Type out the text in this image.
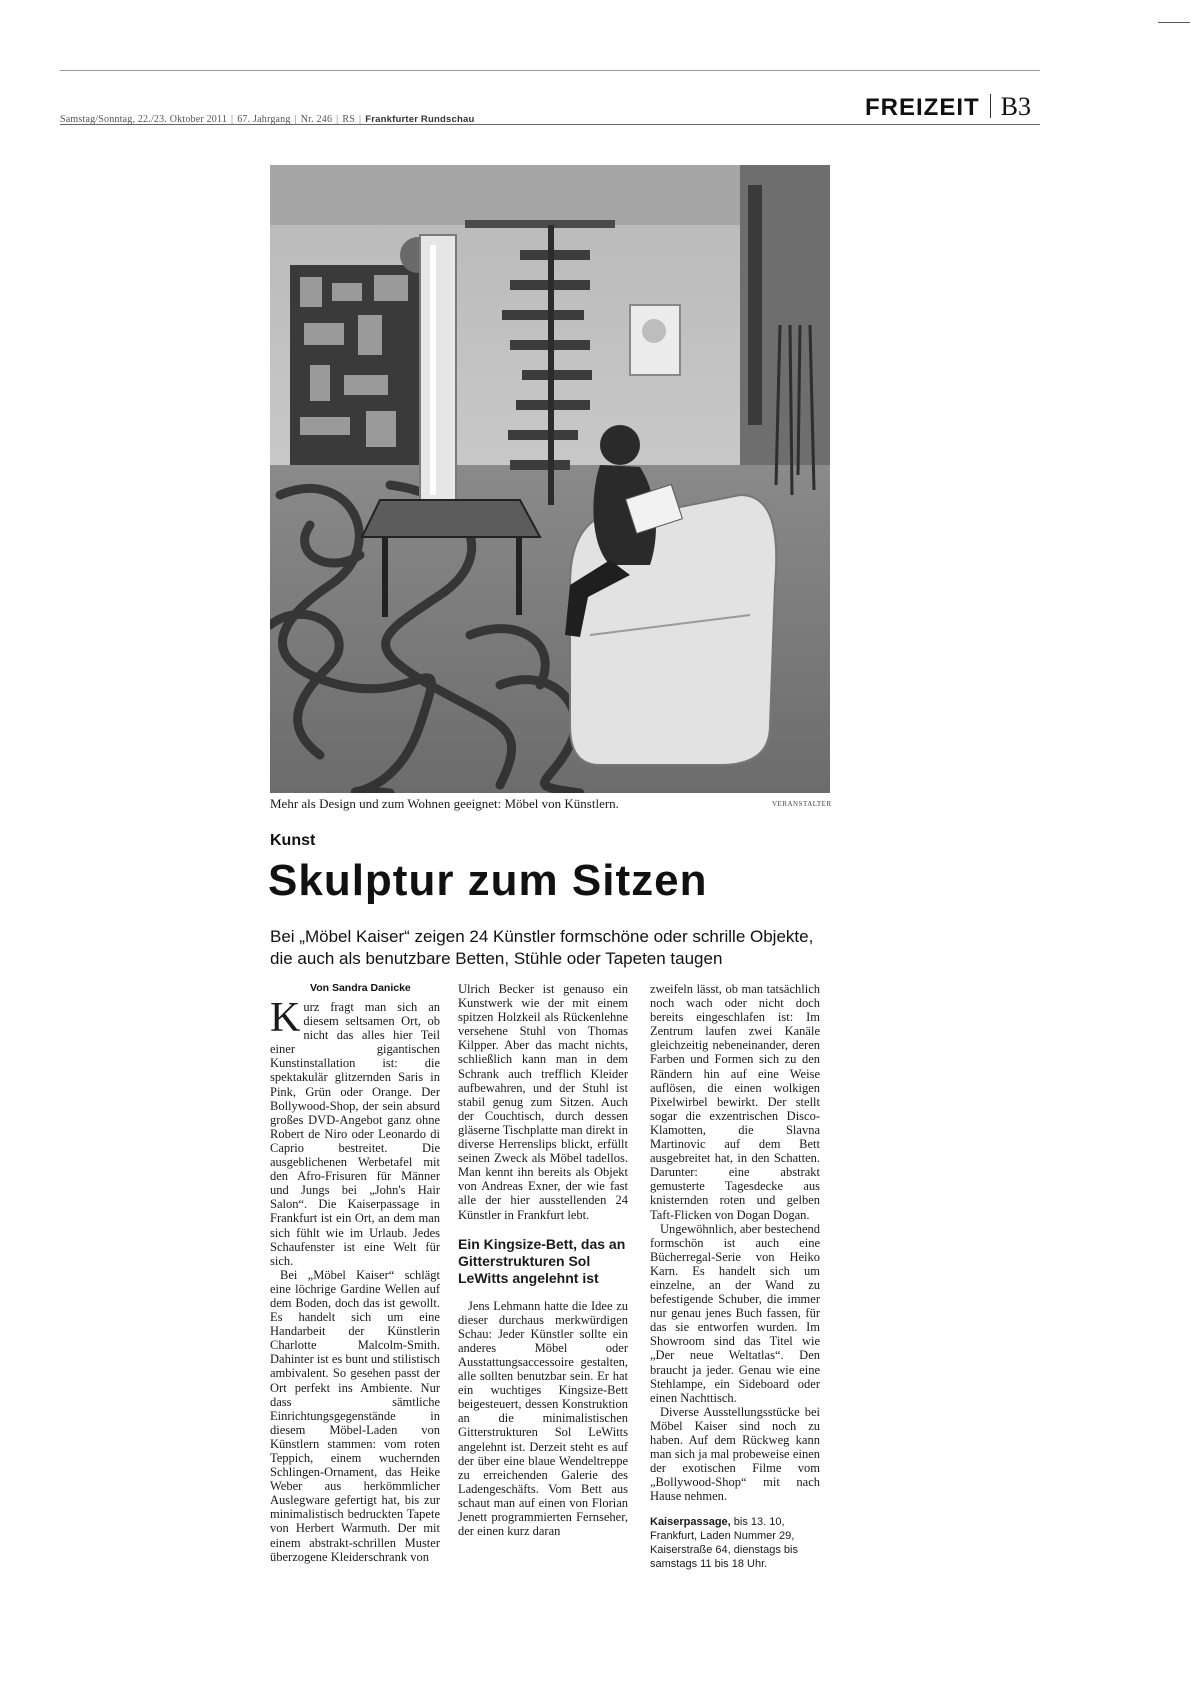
Samstag/Sonntag, 22./23. Oktober 2011 | 67. Jahrgang | Nr. 246 | RS | Frankfurter Rundschau	FREIZEIT B3
Mehr als Design und zum Wohnen geeignet: Möbel von Künstlern.	VERANSTALTER
Kunst
Skulptur zum Sitzen
Bei „Möbel Kaiser“ zeigen 24 Künstler formschöne oder schrille Objekte,
die auch als benutzbare Betten, Stühle oder Tapeten taugen
Von Sandra Danicke

Kurz fragt man sich an diesem seltsamen Ort, ob nicht das alles hier Teil einer gigantischen Kunstinstallation ist: die spektakulär glitzernden Saris in Pink, Grün oder Orange. Der Bollywood-Shop, der sein absurd großes DVD-Angebot ganz ohne Robert de Niro oder Leonardo di Caprio bestreitet. Die ausgeblichenen Werbetafel mit den Afro-Frisuren für Männer und Jungs bei „John's Hair Salon“. Die Kaiserpassage in Frankfurt ist ein Ort, an dem man sich fühlt wie im Urlaub. Jedes Schaufenster ist eine Welt für sich.

Bei „Möbel Kaiser“ schlägt eine löchrige Gardine Wellen auf dem Boden, doch das ist gewollt. Es handelt sich um eine Handarbeit der Künstlerin Charlotte Malcolm-Smith. Dahinter ist es bunt und stilistisch ambivalent. So gesehen passt der Ort perfekt ins Ambiente. Nur dass sämtliche Einrichtungsgegenstände in diesem Möbel-Laden von Künstlern stammen: vom roten Teppich, einem wuchernden Schlingen-Ornament, das Heike Weber aus herkömmlicher Auslegware gefertigt hat, bis zur minimalistisch bedruckten Tapete von Herbert Warmuth. Der mit einem abstrakt-schrillen Muster überzogene Kleiderschrank von

Ulrich Becker ist genauso ein Kunstwerk wie der mit einem spitzen Holzkeil als Rückenlehne versehene Stuhl von Thomas Kilpper. Aber das macht nichts, schließlich kann man in dem Schrank auch trefflich Kleider aufbewahren, und der Stuhl ist stabil genug zum Sitzen. Auch der Couchtisch, durch dessen gläserne Tischplatte man direkt in diverse Herrenslips blickt, erfüllt seinen Zweck als Möbel tadellos. Man kennt ihn bereits als Objekt von Andreas Exner, der wie fast alle der hier ausstellenden 24 Künstler in Frankfurt lebt.

Ein Kingsize-Bett, das an Gitterstrukturen Sol LeWitts angelehnt ist

Jens Lehmann hatte die Idee zu dieser durchaus merkwürdigen Schau: Jeder Künstler sollte ein anderes Möbel oder Ausstattungsaccessoire gestalten, alle sollten benutzbar sein. Er hat ein wuchtiges Kingsize-Bett beigesteuert, dessen Konstruktion an die minimalistischen Gitterstrukturen Sol LeWitts angelehnt ist. Derzeit steht es auf der über eine blaue Wendeltreppe zu erreichenden Galerie des Ladengeschäfts. Vom Bett aus schaut man auf einen von Florian Jenett programmierten Fernseher, der einen kurz daran

zweifeln lässt, ob man tatsächlich noch wach oder nicht doch bereits eingeschlafen ist: Im Zentrum laufen zwei Kanäle gleichzeitig nebeneinander, deren Farben und Formen sich zu den Rändern hin auf eine Weise auflösen, die einen wolkigen Pixelwirbel bewirkt. Der stellt sogar die exzentrischen Disco-Klamotten, die Slavna Martinovic auf dem Bett ausgebreitet hat, in den Schatten. Darunter: eine abstrakt gemusterte Tagesdecke aus knisternden roten und gelben Taft-Flicken von Dogan Dogan.

Ungewöhnlich, aber bestechend formschön ist auch eine Bücherregal-Serie von Heiko Karn. Es handelt sich um einzelne, an der Wand zu befestigende Schuber, die immer nur genau jenes Buch fassen, für das sie entworfen wurden. Im Showroom sind das Titel wie „Der neue Weltatlas“. Den braucht ja jeder. Genau wie eine Stehlampe, ein Sideboard oder einen Nachttisch.

Diverse Ausstellungsstücke bei Möbel Kaiser sind noch zu haben. Auf dem Rückweg kann man sich ja mal probeweise einen der exotischen Filme vom „Bollywood-Shop“ mit nach Hause nehmen.

Kaiserpassage, bis 13. 10, Frankfurt, Laden Nummer 29, Kaiserstraße 64, dienstags bis samstags 11 bis 18 Uhr.
